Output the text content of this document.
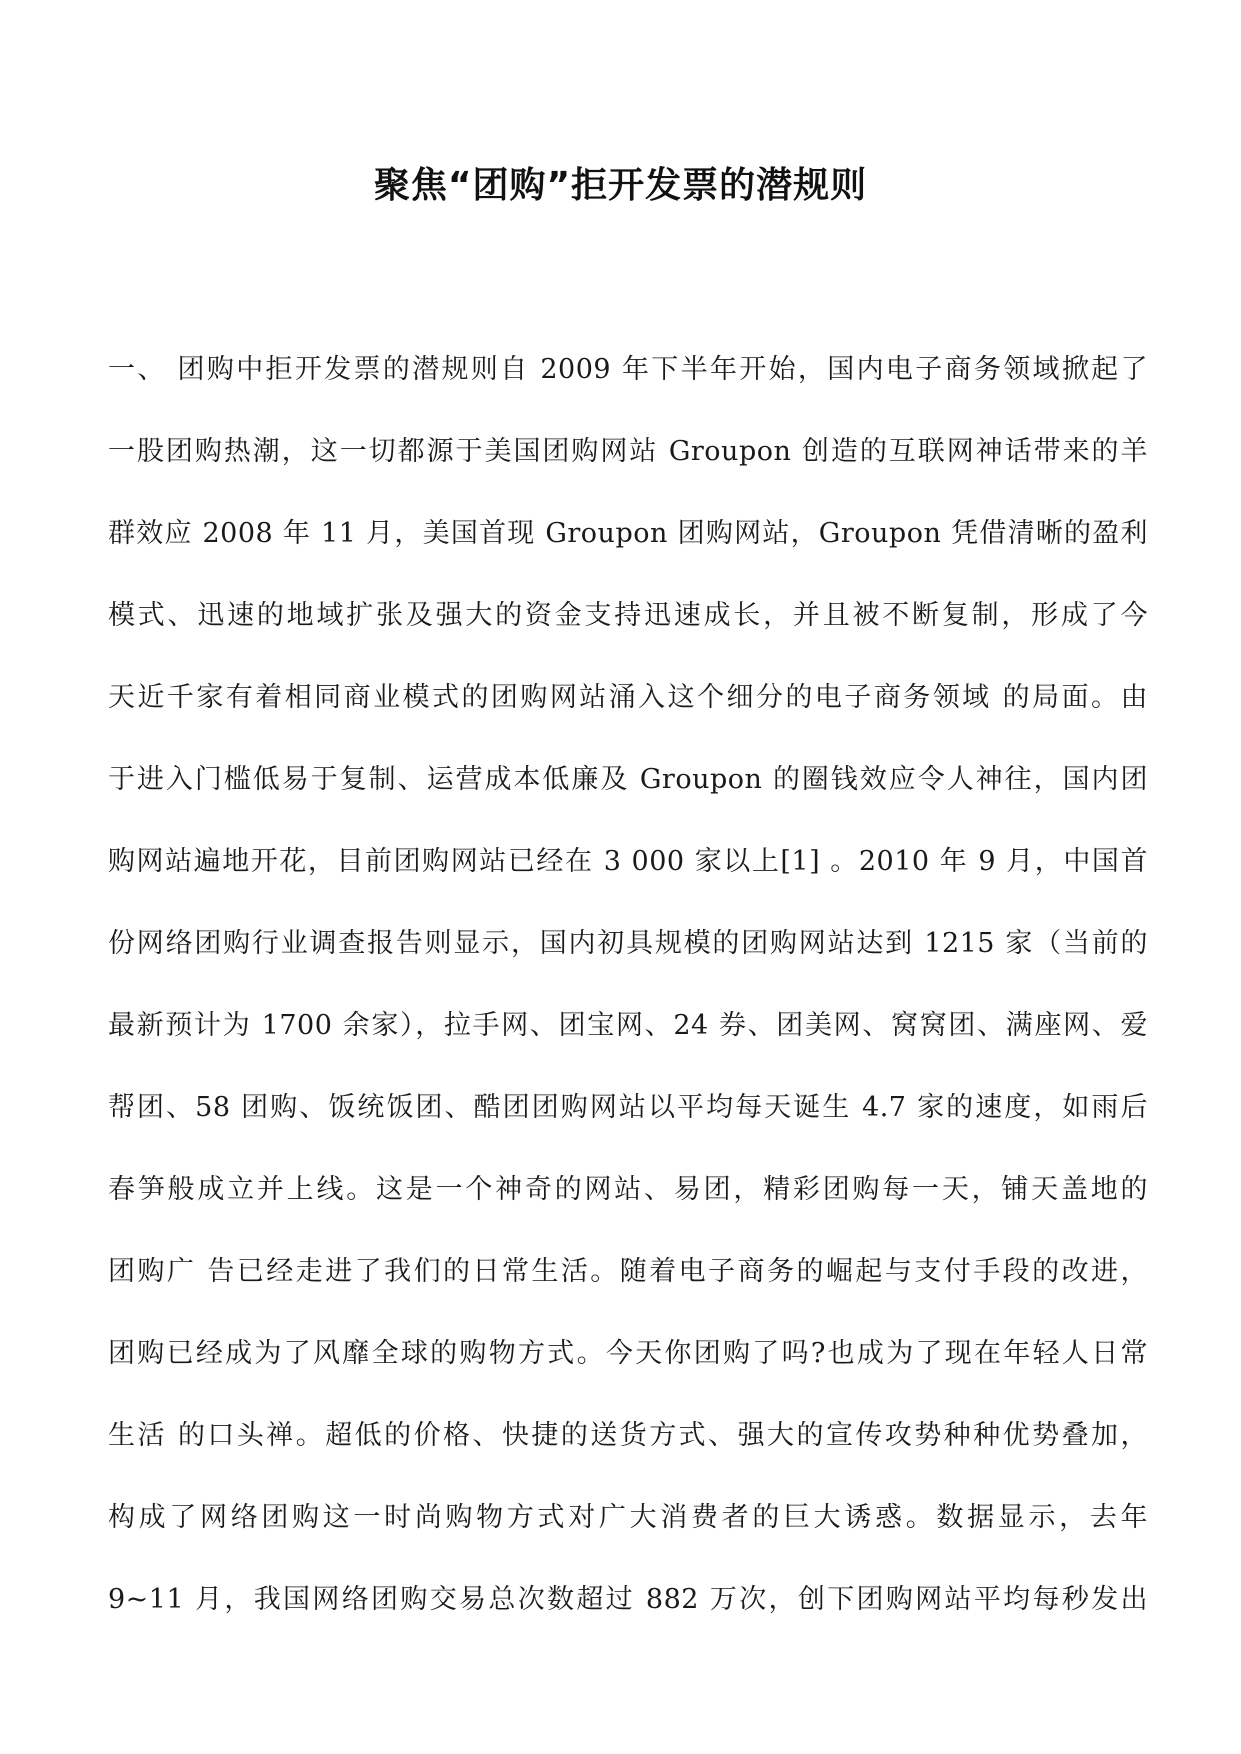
聚焦“团购”拒开发票的潜规则
一、 团购中拒开发票的潜规则自 2009 年下半年开始，国内电子商务领域掀起了
一股团购热潮，这一切都源于美国团购网站 Groupon 创造的互联网神话带来的羊
群效应 2008 年 11 月，美国首现 Groupon 团购网站，Groupon 凭借清晰的盈利
模式、迅速的地域扩张及强大的资金支持迅速成长，并且被不断复制，形成了今
天近千家有着相同商业模式的团购网站涌入这个细分的电子商务领域 的局面。由
于进入门槛低易于复制、运营成本低廉及 Groupon 的圈钱效应令人神往，国内团
购网站遍地开花，目前团购网站已经在 3 000 家以上[1] 。2010 年 9 月，中国首
份网络团购行业调查报告则显示，国内初具规模的团购网站达到 1215 家（当前的
最新预计为 1700 余家），拉手网、团宝网、24 券、团美网、窝窝团、满座网、爱
帮团、58 团购、饭统饭团、酷团团购网站以平均每天诞生 4.7 家的速度，如雨后
春笋般成立并上线。这是一个神奇的网站、易团，精彩团购每一天，铺天盖地的
团购广 告已经走进了我们的日常生活。随着电子商务的崛起与支付手段的改进，
团购已经成为了风靡全球的购物方式。今天你团购了吗?也成为了现在年轻人日常
生活 的口头禅。超低的价格、快捷的送货方式、强大的宣传攻势种种优势叠加，
构成了网络团购这一时尚购物方式对广大消费者的巨大诱惑。数据显示，去年
9~11 月，我国网络团购交易总次数超过 882 万次，创下团购网站平均每秒发出
